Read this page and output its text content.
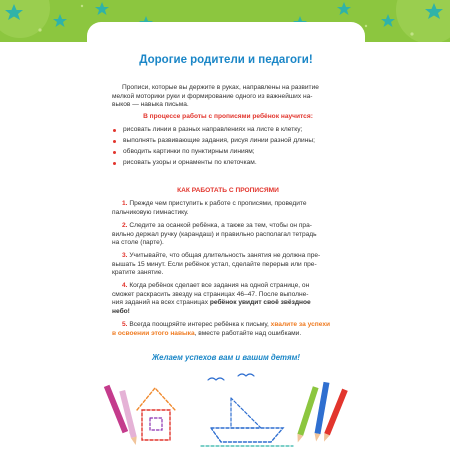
Дорогие родители и педагоги!
Прописи, которые вы держите в руках, направлены на развитие
мелкой моторики руки и формирование одного из важнейших на-
выков — навыка письма.
В процессе работы с прописями ребёнок научится:
рисовать линии в разных направлениях на листе в клетку;
выполнять развивающие задания, рисуя линии разной длины;
обводить картинки по пунктирным линиям;
рисовать узоры и орнаменты по клеточкам.
КАК РАБОТАТЬ С ПРОПИСЯМИ
1. Прежде чем приступить к работе с прописями, проведите
пальчиковую гимнастику.
2. Следите за осанкой ребёнка, а также за тем, чтобы он пра-
вильно держал ручку (карандаш) и правильно располагал тетрадь
на столе (парте).
3. Учитывайте, что общая длительность занятия не должна пре-
вышать 15 минут. Если ребёнок устал, сделайте перерыв или пре-
кратите занятие.
4. Когда ребёнок сделает все задания на одной странице, он
сможет раскрасить звезду на страницах 46–47. После выполне-
ния заданий на всех страницах ребёнок увидит своё звёздное
небо!
5. Всегда поощряйте интерес ребёнка к письму, хвалите за успехи
в освоении этого навыка, вместе работайте над ошибками.
Желаем успехов вам и вашим детям!
